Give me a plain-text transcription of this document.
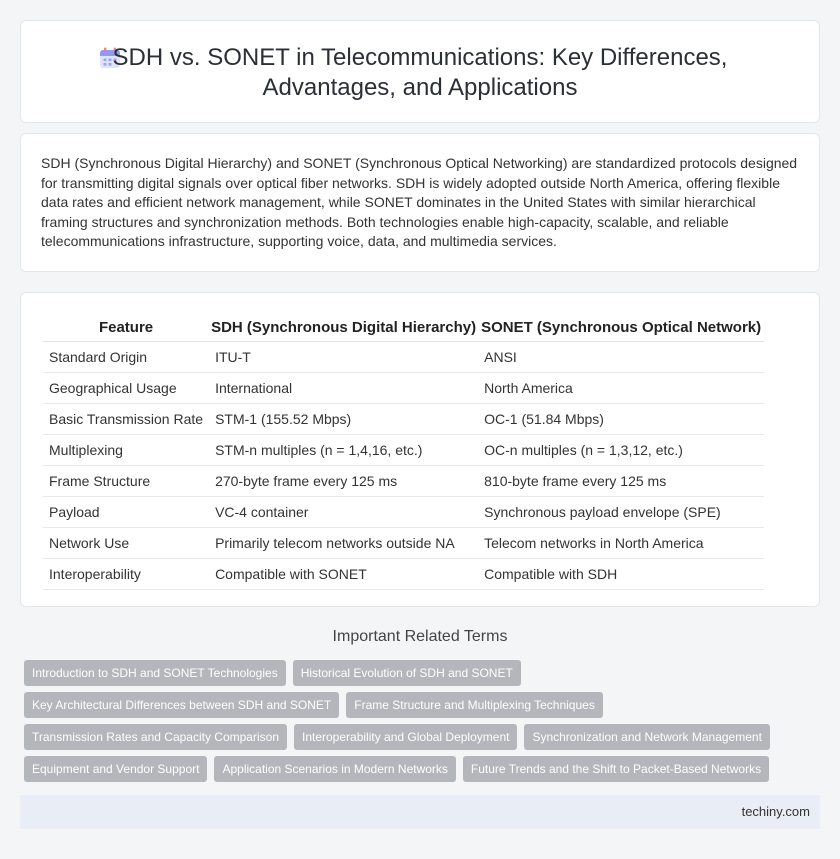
SDH vs. SONET in Telecommunications: Key Differences,
Advantages, and Applications

SDH (Synchronous Digital Hierarchy) and SONET (Synchronous Optical Networking) are standardized protocols designed for transmitting digital signals over optical fiber networks. SDH is widely adopted outside North America, offering flexible data rates and efficient network management, while SONET dominates in the United States with similar hierarchical framing structures and synchronization methods. Both technologies enable high-capacity, scalable, and reliable telecommunications infrastructure, supporting voice, data, and multimedia services.

Feature	SDH (Synchronous Digital Hierarchy)	SONET (Synchronous Optical Network)
Standard Origin	ITU-T	ANSI
Geographical Usage	International	North America
Basic Transmission Rate	STM-1 (155.52 Mbps)	OC-1 (51.84 Mbps)
Multiplexing	STM-n multiples (n = 1,4,16, etc.)	OC-n multiples (n = 1,3,12, etc.)
Frame Structure	270-byte frame every 125 ms	810-byte frame every 125 ms
Payload	VC-4 container	Synchronous payload envelope (SPE)
Network Use	Primarily telecom networks outside NA	Telecom networks in North America
Interoperability	Compatible with SONET	Compatible with SDH
Important Related Terms
Introduction to SDH and SONET Technologies	Historical Evolution of SDH and SONET
Key Architectural Differences between SDH and SONET	Frame Structure and Multiplexing Techniques
Transmission Rates and Capacity Comparison	Interoperability and Global Deployment	Synchronization and Network Management
Equipment and Vendor Support	Application Scenarios in Modern Networks	Future Trends and the Shift to Packet-Based Networks
techiny.com
